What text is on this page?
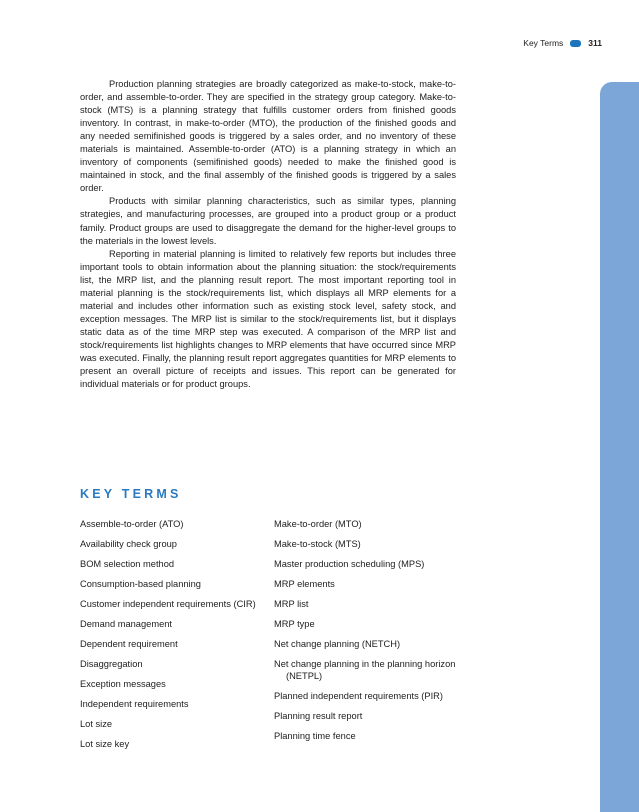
Key Terms	311

Production planning strategies are broadly categorized as make-to-stock, make-to-order, and assemble-to-order. They are specified in the strategy group category. Make-to-stock (MTS) is a planning strategy that fulfills customer orders from finished goods inventory. In contrast, in make-to-order (MTO), the production of the finished goods and any needed semifinished goods is triggered by a sales order, and no inventory of these materials is maintained. Assemble-to-order (ATO) is a planning strategy in which an inventory of components (semifinished goods) needed to make the finished good is maintained in stock, and the final assembly of the finished goods is triggered by a sales order.

Products with similar planning characteristics, such as similar types, planning strategies, and manufacturing processes, are grouped into a product group or a product family. Product groups are used to disaggregate the demand for the higher-level groups to the materials in the lowest levels.

Reporting in material planning is limited to relatively few reports but includes three important tools to obtain information about the planning situation: the stock/requirements list, the MRP list, and the planning result report. The most important reporting tool in material planning is the stock/requirements list, which displays all MRP elements for a material and includes other information such as existing stock level, safety stock, and exception messages. The MRP list is similar to the stock/requirements list, but it displays static data as of the time MRP step was executed. A comparison of the MRP list and stock/requirements list highlights changes to MRP elements that have occurred since MRP was executed. Finally, the planning result report aggregates quantities for MRP elements to present an overall picture of receipts and issues. This report can be generated for individual materials or for product groups.

KEY TERMS
Assemble-to-order (ATO)
Availability check group
BOM selection method
Consumption-based planning
Customer independent requirements (CIR)
Demand management
Dependent requirement
Disaggregation
Exception messages
Independent requirements
Lot size
Lot size key
Make-to-order (MTO)
Make-to-stock (MTS)
Master production scheduling (MPS)
MRP elements
MRP list
MRP type
Net change planning (NETCH)
Net change planning in the planning horizon (NETPL)
Planned independent requirements (PIR)
Planning result report
Planning time fence
